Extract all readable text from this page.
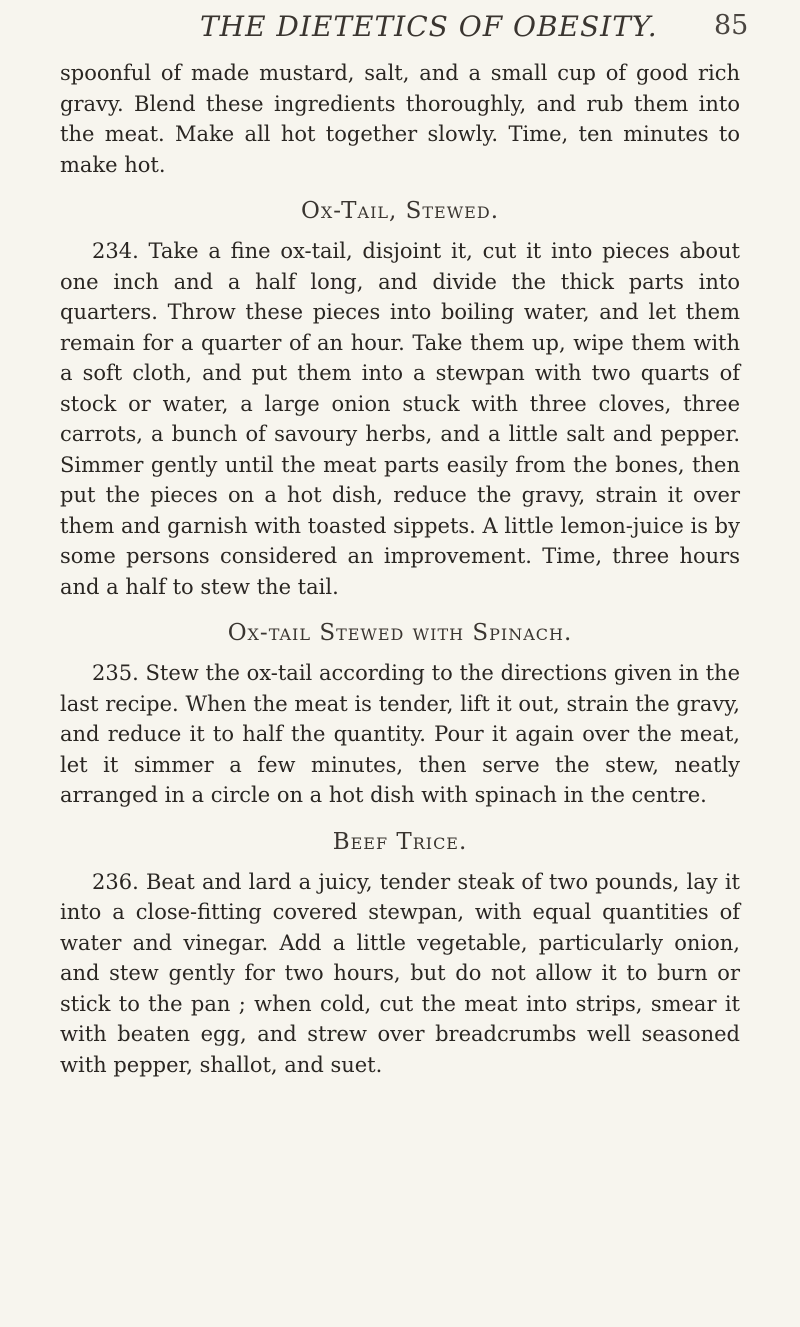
THE DIETETICS OF OBESITY. 85

spoonful of made mustard, salt, and a small cup of good rich gravy. Blend these ingredients thoroughly, and rub them into the meat. Make all hot together slowly. Time, ten minutes to make hot.

Ox-Tail, Stewed.

234. Take a fine ox-tail, disjoint it, cut it into pieces about one inch and a half long, and divide the thick parts into quarters. Throw these pieces into boiling water, and let them remain for a quarter of an hour. Take them up, wipe them with a soft cloth, and put them into a stewpan with two quarts of stock or water, a large onion stuck with three cloves, three carrots, a bunch of savoury herbs, and a little salt and pepper. Simmer gently until the meat parts easily from the bones, then put the pieces on a hot dish, reduce the gravy, strain it over them and garnish with toasted sippets. A little lemon-juice is by some persons considered an improvement. Time, three hours and a half to stew the tail.

Ox-tail Stewed with Spinach.

235. Stew the ox-tail according to the directions given in the last recipe. When the meat is tender, lift it out, strain the gravy, and reduce it to half the quantity. Pour it again over the meat, let it simmer a few minutes, then serve the stew, neatly arranged in a circle on a hot dish with spinach in the centre.

Beef Trice.

236. Beat and lard a juicy, tender steak of two pounds, lay it into a close-fitting covered stewpan, with equal quantities of water and vinegar. Add a little vegetable, particularly onion, and stew gently for two hours, but do not allow it to burn or stick to the pan ; when cold, cut the meat into strips, smear it with beaten egg, and strew over breadcrumbs well seasoned with pepper, shallot, and suet.
